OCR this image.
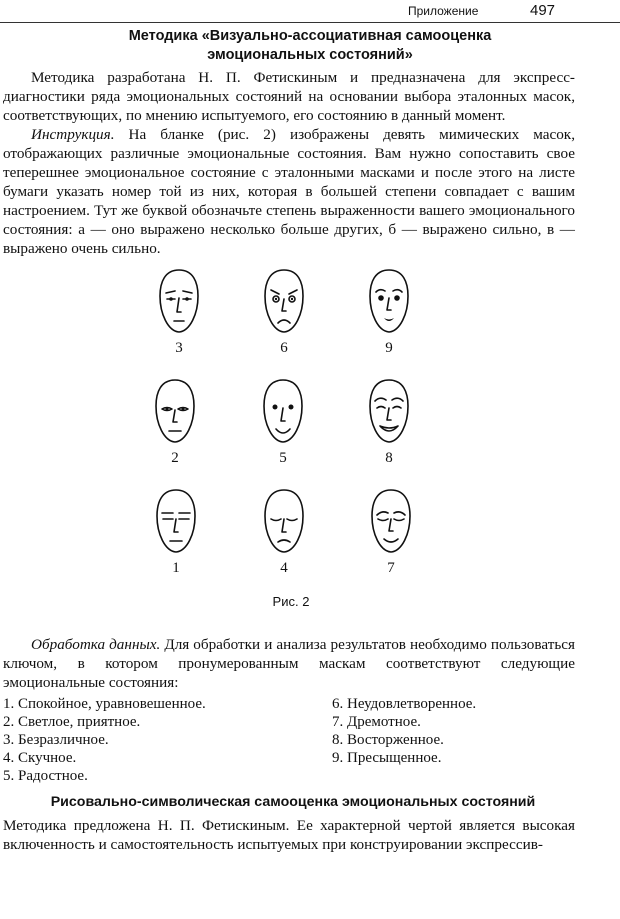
Приложение	497
Методика «Визуально-ассоциативная самооценка
эмоциональных состояний»

Методика разработана Н. П. Фетискиным и предназначена для экспресс-диагностики ряда эмоциональных состояний на основании выбора эталонных масок, соответствующих, по мнению испытуемого, его состоянию в данный момент.

Инструкция. На бланке (рис. 2) изображены девять мимических масок, отображающих различные эмоциональные состояния. Вам нужно сопоставить свое теперешнее эмоциональное состояние с эталонными масками и после этого на листе бумаги указать номер той из них, которая в большей степени совпадает с вашим настроением. Тут же буквой обозначьте степень выраженности вашего эмоционального состояния: а — оно выражено несколько больше других, б — выражено сильно, в — выражено очень сильно.

3	6	9
2	5	8
1	4	7
Рис. 2

Обработка данных. Для обработки и анализа результатов необходимо пользоваться ключом, в котором пронумерованным маскам соответствуют следующие эмоциональные состояния:

1. Спокойное, уравновешенное.
2. Светлое, приятное.
3. Безразличное.
4. Скучное.
5. Радостное.
6. Неудовлетворенное.
7. Дремотное.
8. Восторженное.
9. Пресыщенное.
Рисовально-символическая самооценка эмоциональных состояний

Методика предложена Н. П. Фетискиным. Ее характерной чертой является высокая включенность и самостоятельность испытуемых при конструировании экспрессив-
